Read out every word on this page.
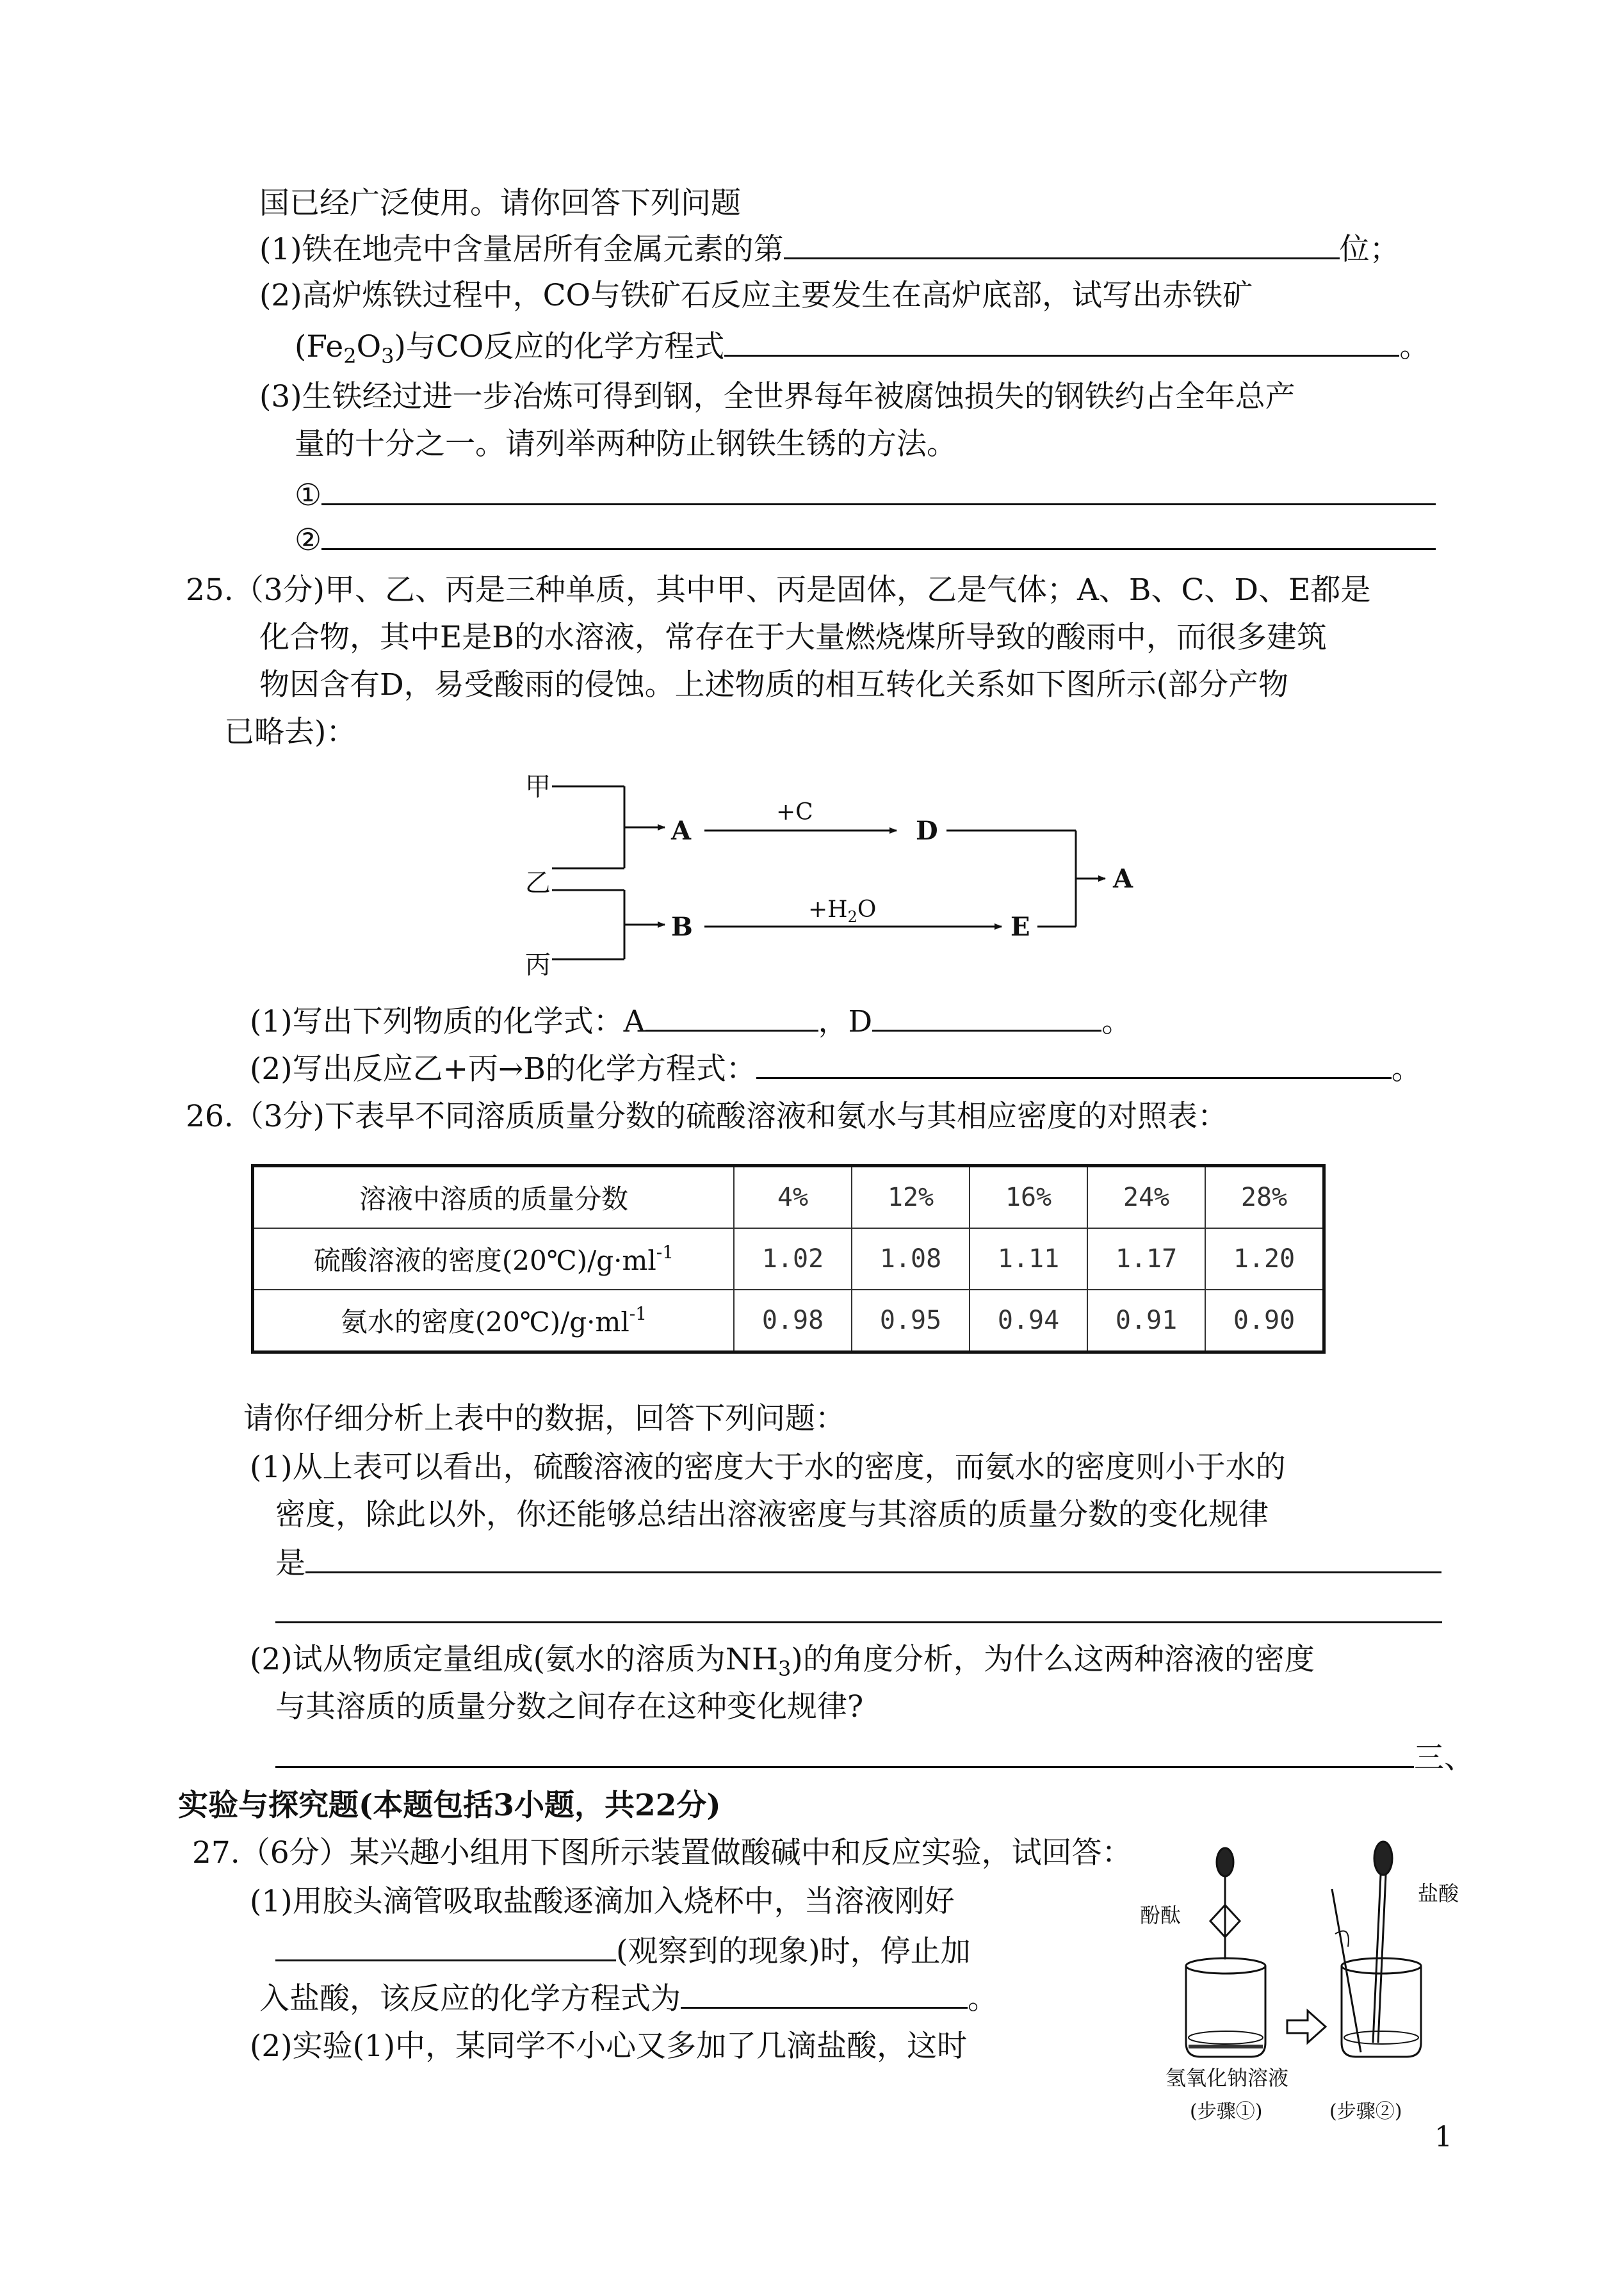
国已经广泛使用。请你回答下列问题
(1)铁在地壳中含量居所有金属元素的第	位；
(2)高炉炼铁过程中，CO与铁矿石反应主要发生在高炉底部，试写出赤铁矿
$(Fe_2O_3)$与CO反应的化学方程式	。
(3)生铁经过进一步冶炼可得到钢，全世界每年被腐蚀损失的钢铁约占全年总产
量的十分之一。请列举两种防止钢铁生锈的方法。
①
②
25.（3分)甲、乙、丙是三种单质，其中甲、丙是固体，乙是气体；A、B、C、D、E都是
化合物，其中E是B的水溶液，常存在于大量燃烧煤所导致的酸雨中，而很多建筑
物因含有D，易受酸雨的侵蚀。上述物质的相互转化关系如下图所示(部分产物
已略去)：
甲
乙
丙
A	D
B	E
A
+C
$+H_2O$
(1)写出下列物质的化学式：A	，D	。
(2)写出反应乙+丙→B的化学方程式：	。
26.（3分)下表早不同溶质质量分数的硫酸溶液和氨水与其相应密度的对照表：
溶液中溶质的质量分数	4%	12%	16%	24%	28%
硫酸溶液的密度$(20℃)/g\cdot ml^{-1}$	1.02	1.08	1.11	1.17	1.20
氨水的密度$(20℃)/g\cdot ml^{-1}$	0.98	0.95	0.94	0.91	0.90
请你仔细分析上表中的数据，回答下列问题：
(1)从上表可以看出，硫酸溶液的密度大于水的密度，而氨水的密度则小于水的
密度，除此以外，你还能够总结出溶液密度与其溶质的质量分数的变化规律
是
(2)试从物质定量组成(氨水的溶质为$NH_3$)的角度分析，为什么这两种溶液的密度
与其溶质的质量分数之间存在这种变化规律?
三、
实验与探究题(本题包括3小题，共22分)
27.（6分）某兴趣小组用下图所示装置做酸碱中和反应实验，试回答：
(1)用胶头滴管吸取盐酸逐滴加入烧杯中，当溶液刚好
(观察到的现象)时，停止加
入盐酸，该反应的化学方程式为	。
(2)实验(1)中，某同学不小心又多加了几滴盐酸，这时
酚酞
盐酸
氢氧化钠溶液
(步骤①)	(步骤②)
1
